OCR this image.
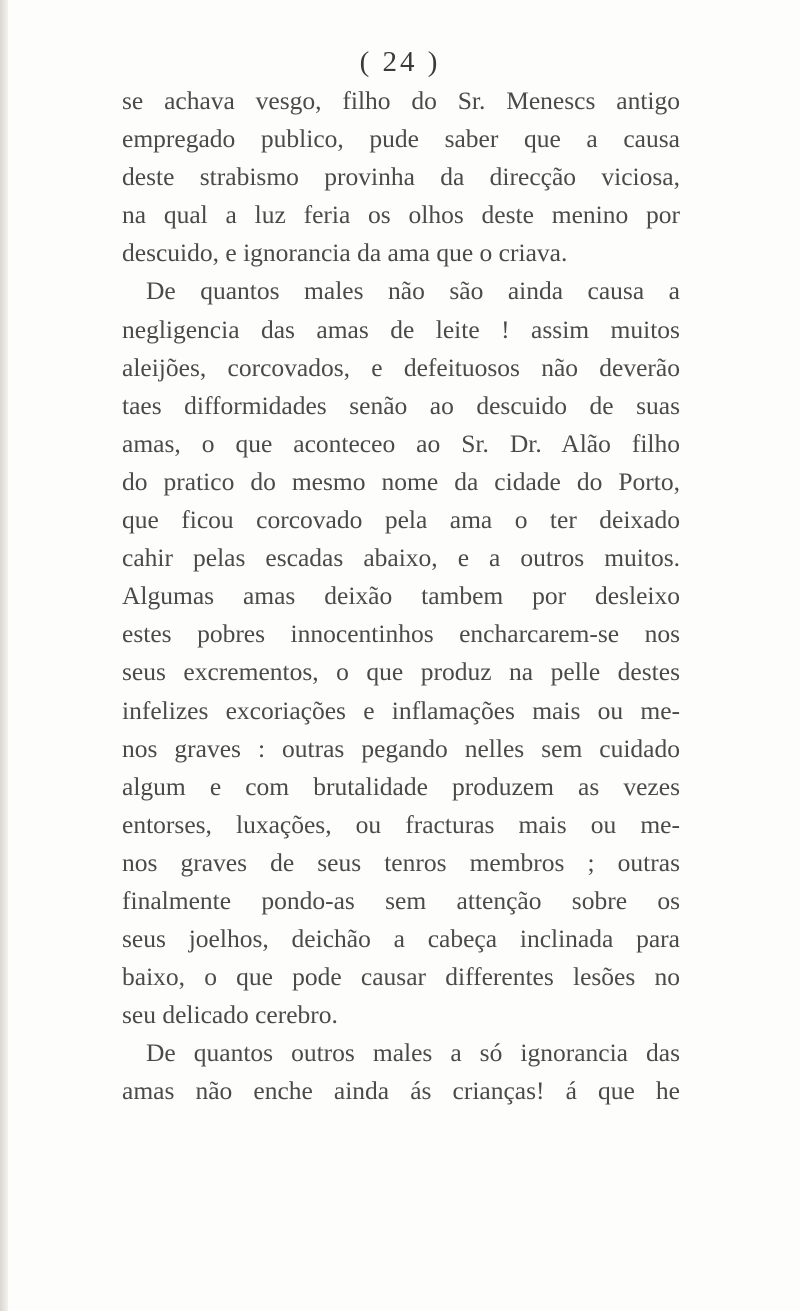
( 24 )
se achava vesgo, filho do Sr. Menescs antigo
empregado publico, pude saber que a causa
deste strabismo provinha da direcção viciosa,
na qual a luz feria os olhos deste menino por
descuido, e ignorancia da ama que o criava.
De quantos males não são ainda causa a
negligencia das amas de leite ! assim muitos
aleijões, corcovados, e defeituosos não deverão
taes difformidades senão ao descuido de suas
amas, o que aconteceo ao Sr. Dr. Alão filho
do pratico do mesmo nome da cidade do Porto,
que ficou corcovado pela ama o ter deixado
cahir pelas escadas abaixo, e a outros muitos.
Algumas amas deixão tambem por desleixo
estes pobres innocentinhos encharcarem-se nos
seus excrementos, o que produz na pelle destes
infelizes excoriações e inflamações mais ou me-
nos graves : outras pegando nelles sem cuidado
algum e com brutalidade produzem as vezes
entorses, luxações, ou fracturas mais ou me-
nos graves de seus tenros membros ; outras
finalmente pondo-as sem attenção sobre os
seus joelhos, deichão a cabeça inclinada para
baixo, o que pode causar differentes lesões no
seu delicado cerebro.
De quantos outros males a só ignorancia das
amas não enche ainda ás crianças! á que he
